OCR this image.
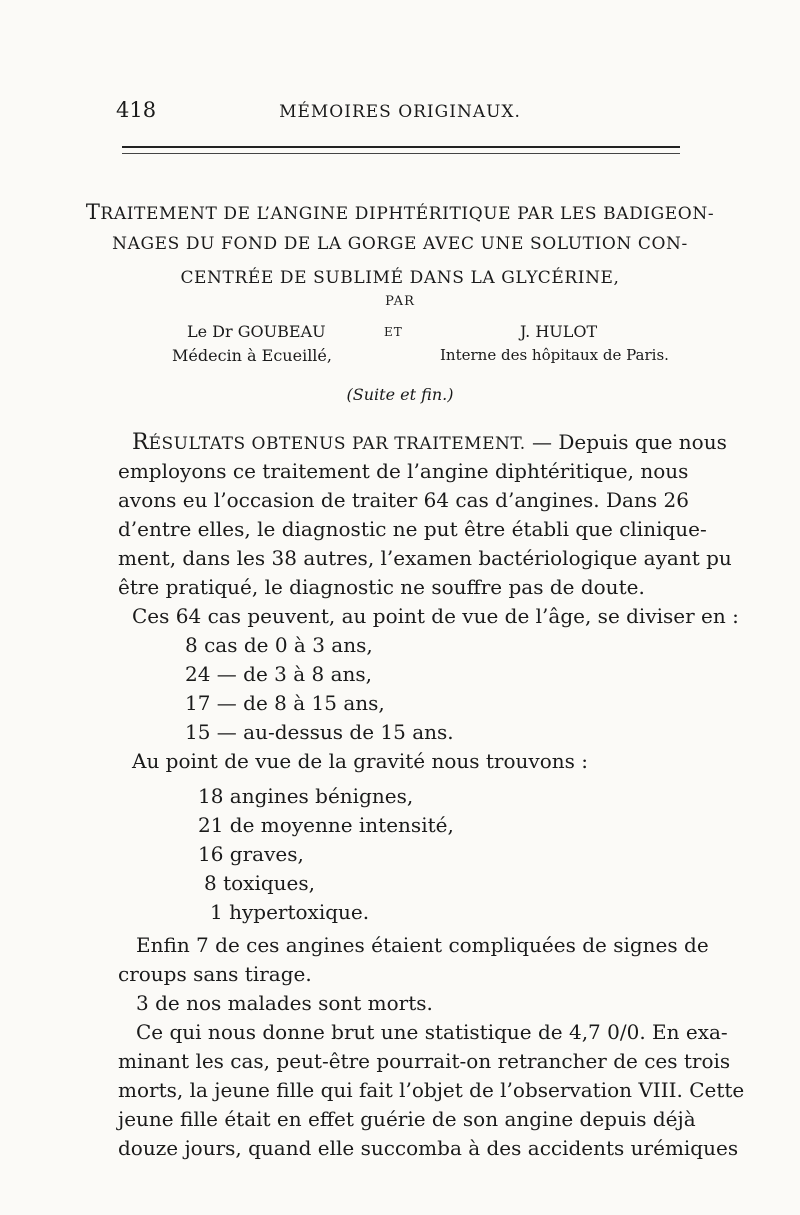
418	MÉMOIRES ORIGINAUX.
TRAITEMENT DE L’ANGINE DIPHTÉRITIQUE PAR LES BADIGEON-
NAGES DU FOND DE LA GORGE AVEC UNE SOLUTION CON-
CENTRÉE DE SUBLIMÉ DANS LA GLYCÉRINE,
PAR
Le Dr GOUBEAU	ET	J. HULOT
Médecin à Ecueillé,	Interne des hôpitaux de Paris.
(Suite et fin.)
RÉSULTATS OBTENUS PAR TRAITEMENT. — Depuis que nous
employons ce traitement de l’angine diphtéritique, nous
avons eu l’occasion de traiter 64 cas d’angines. Dans 26
d’entre elles, le diagnostic ne put être établi que clinique-
ment, dans les 38 autres, l’examen bactériologique ayant pu
être pratiqué, le diagnostic ne souffre pas de doute.
Ces 64 cas peuvent, au point de vue de l’âge, se diviser en :
8 cas de 0 à 3 ans,
24 — de 3 à 8 ans,
17 — de 8 à 15 ans,
15 — au-dessus de 15 ans.
Au point de vue de la gravité nous trouvons :
18 angines bénignes,
21 de moyenne intensité,
16 graves,
8 toxiques,
1 hypertoxique.
Enfin 7 de ces angines étaient compliquées de signes de
croups sans tirage.
3 de nos malades sont morts.
Ce qui nous donne brut une statistique de 4,7 0/0. En exa-
minant les cas, peut-être pourrait-on retrancher de ces trois
morts, la jeune fille qui fait l’objet de l’observation VIII. Cette
jeune fille était en effet guérie de son angine depuis déjà
douze jours, quand elle succomba à des accidents urémiques
